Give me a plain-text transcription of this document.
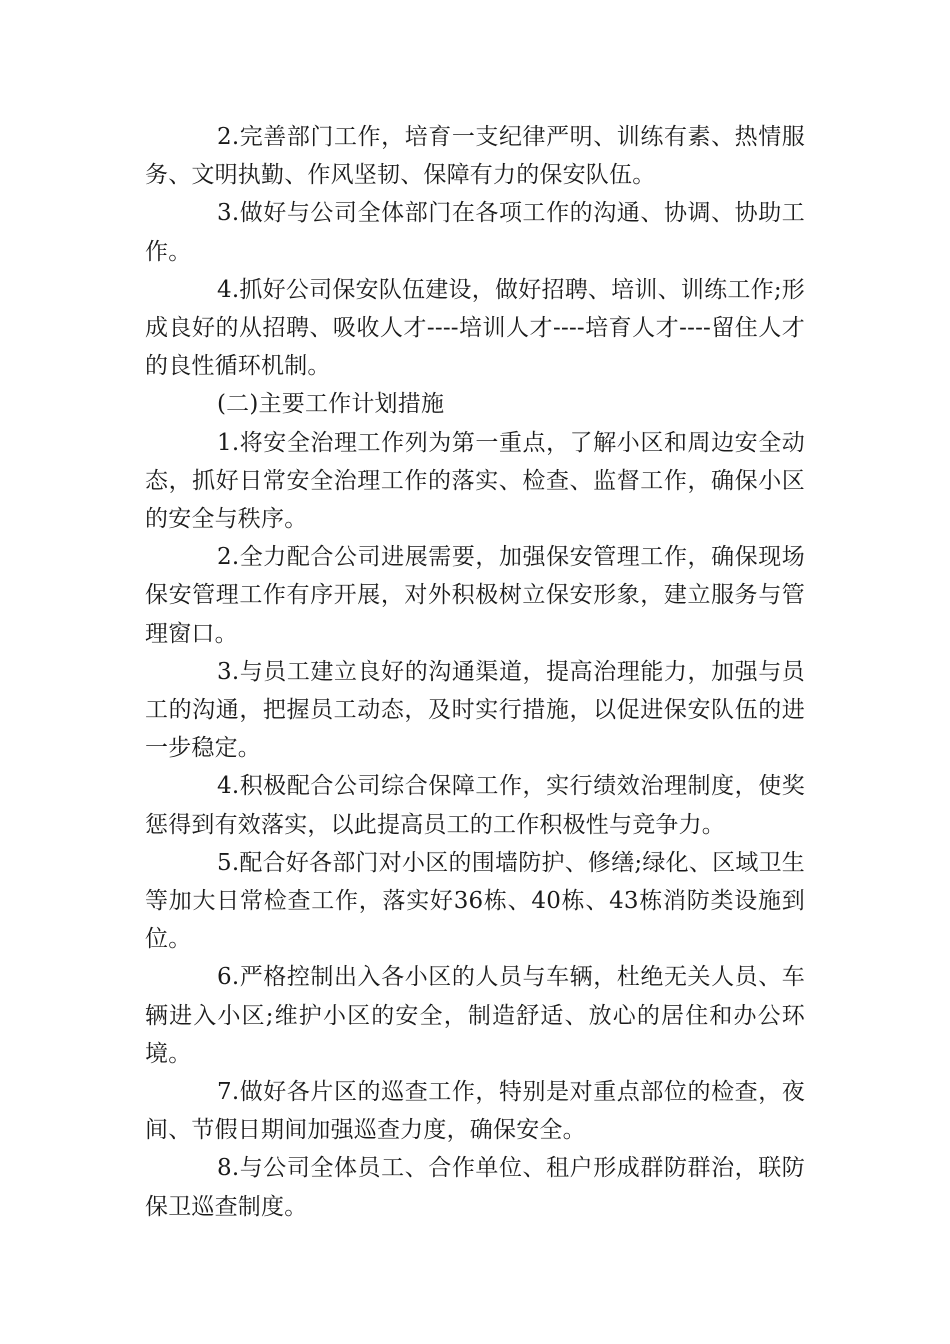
2.完善部门工作，培育一支纪律严明、训练有素、热情服务、文明执勤、作风坚韧、保障有力的保安队伍。

3.做好与公司全体部门在各项工作的沟通、协调、协助工作。

4.抓好公司保安队伍建设，做好招聘、培训、训练工作;形成良好的从招聘、吸收人才----培训人才----培育人才----留住人才的良性循环机制。

(二)主要工作计划措施

1.将安全治理工作列为第一重点，了解小区和周边安全动态，抓好日常安全治理工作的落实、检查、监督工作，确保小区的安全与秩序。

2.全力配合公司进展需要，加强保安管理工作，确保现场保安管理工作有序开展，对外积极树立保安形象，建立服务与管理窗口。

3.与员工建立良好的沟通渠道，提高治理能力，加强与员工的沟通，把握员工动态，及时实行措施，以促进保安队伍的进一步稳定。

4.积极配合公司综合保障工作，实行绩效治理制度，使奖惩得到有效落实，以此提高员工的工作积极性与竞争力。

5.配合好各部门对小区的围墙防护、修缮;绿化、区域卫生等加大日常检查工作，落实好36栋、40栋、43栋消防类设施到位。

6.严格控制出入各小区的人员与车辆，杜绝无关人员、车辆进入小区;维护小区的安全，制造舒适、放心的居住和办公环境。

7.做好各片区的巡查工作，特别是对重点部位的检查，夜间、节假日期间加强巡查力度，确保安全。

8.与公司全体员工、合作单位、租户形成群防群治，联防保卫巡查制度。
